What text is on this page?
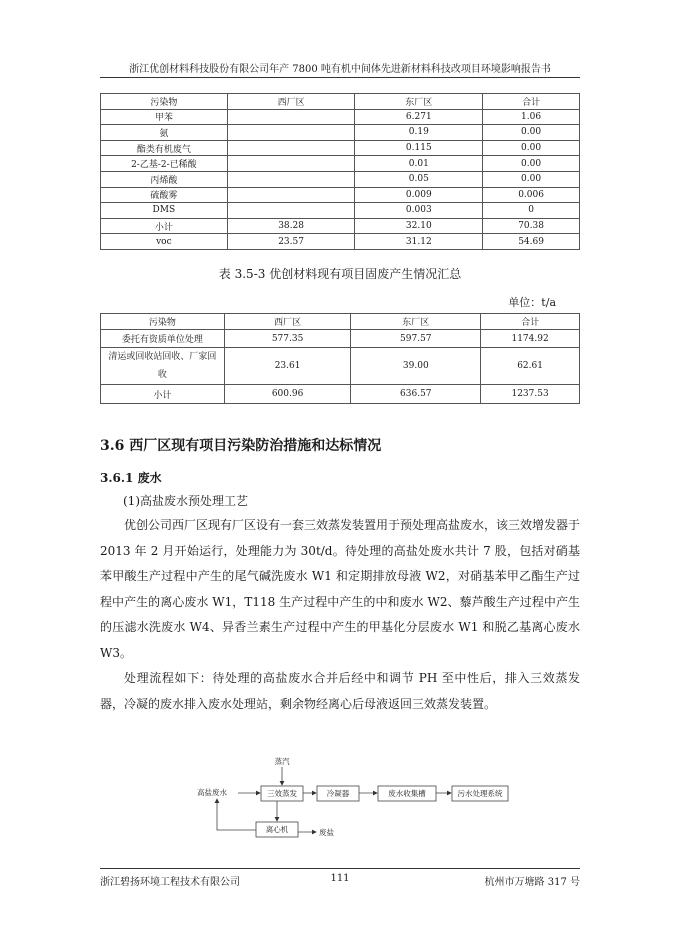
浙江优创材料科技股份有限公司年产 7800 吨有机中间体先进新材料科技改项目环境影响报告书
污染物	西厂区	东厂区	合计
甲苯		6.271	1.06
氨		0.19	0.00
酯类有机废气		0.115	0.00
2-乙基-2-已稀酸		0.01	0.00
丙烯酸		0.05	0.00
硫酸雾		0.009	0.006
DMS		0.003	0
小计	38.28	32.10	70.38
voc	23.57	31.12	54.69
表 3.5-3 优创材料现有项目固废产生情况汇总
单位：t/a
污染物	西厂区	东厂区	合计
委托有资质单位处理	577.35	597.57	1174.92
清运或回收站回收、厂家回收	23.61	39.00	62.61
小计	600.96	636.57	1237.53
3.6 西厂区现有项目污染防治措施和达标情况
3.6.1 废水
(1)高盐废水预处理工艺

优创公司西厂区现有厂区设有一套三效蒸发装置用于预处理高盐废水，该三效增发器于 2013 年 2 月开始运行，处理能力为 30t/d。待处理的高盐处废水共计 7 股，包括对硝基苯甲酸生产过程中产生的尾气碱洗废水 W1 和定期排放母液 W2，对硝基苯甲乙酯生产过程中产生的离心废水 W1，T118 生产过程中产生的中和废水 W2、藜芦酸生产过程中产生的压滤水洗废水 W4、异香兰素生产过程中产生的甲基化分层废水 W1 和脱乙基离心废水 W3。

处理流程如下：待处理的高盐废水合并后经中和调节 PH 至中性后，排入三效蒸发器，冷凝的废水排入废水处理站，剩余物经离心后母液返回三效蒸发装置。

蒸汽
高盐废水	三效蒸发	冷凝器	废水收集槽	污水处理系统
离心机	废盐
浙江碧扬环境工程技术有限公司	111	杭州市万塘路 317 号
